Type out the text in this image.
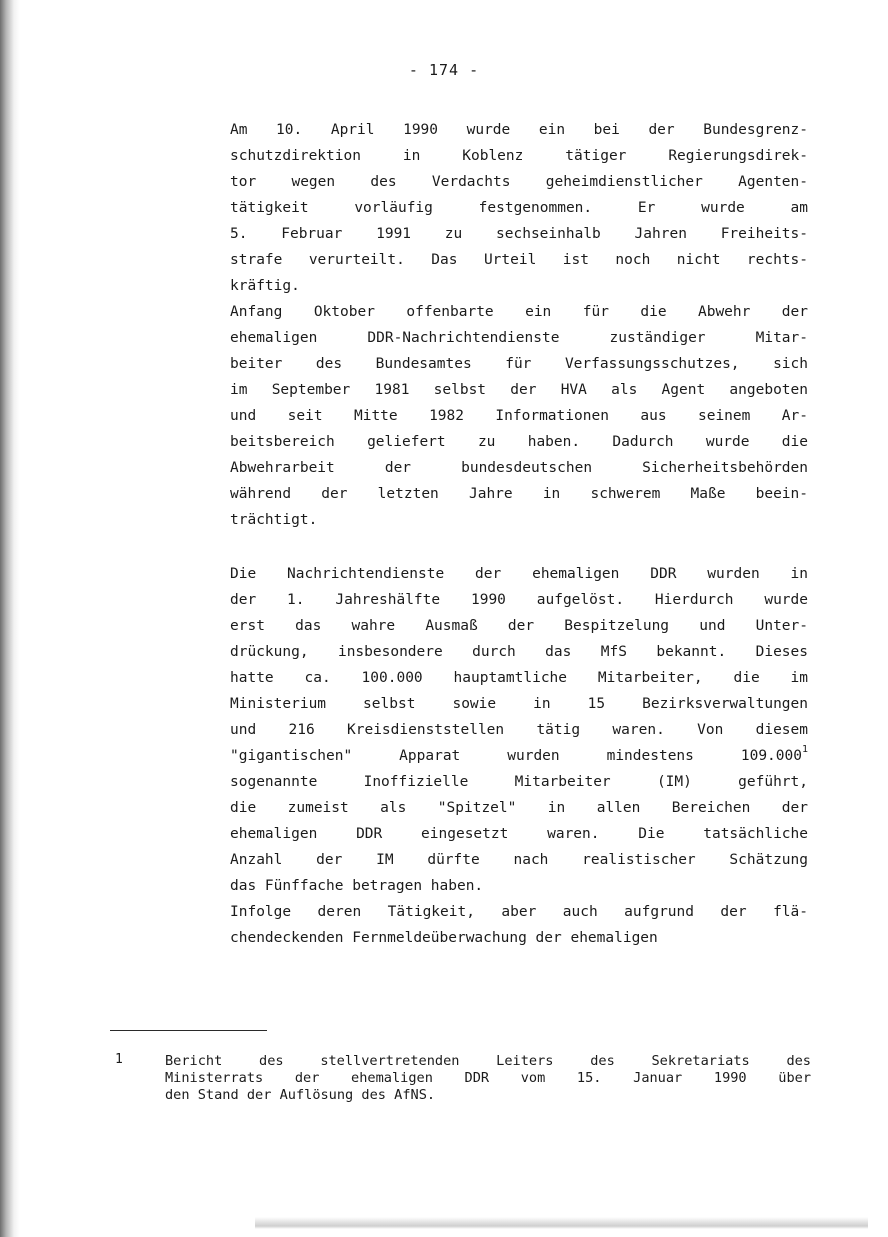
- 174 -
Am 10. April 1990 wurde ein bei der Bundesgrenz-
schutzdirektion in Koblenz tätiger Regierungsdirek-
tor wegen des Verdachts geheimdienstlicher Agenten-
tätigkeit vorläufig festgenommen. Er wurde am
5. Februar 1991 zu sechseinhalb Jahren Freiheits-
strafe verurteilt. Das Urteil ist noch nicht rechts-
kräftig.
Anfang Oktober offenbarte ein für die Abwehr der
ehemaligen DDR-Nachrichtendienste zuständiger Mitar-
beiter des Bundesamtes für Verfassungsschutzes, sich
im September 1981 selbst der HVA als Agent angeboten
und seit Mitte 1982 Informationen aus seinem Ar-
beitsbereich geliefert zu haben. Dadurch wurde die
Abwehrarbeit der bundesdeutschen Sicherheitsbehörden
während der letzten Jahre in schwerem Maße beein-
trächtigt.
Die Nachrichtendienste der ehemaligen DDR wurden in
der 1. Jahreshälfte 1990 aufgelöst. Hierdurch wurde
erst das wahre Ausmaß der Bespitzelung und Unter-
drückung, insbesondere durch das MfS bekannt. Dieses
hatte ca. 100.000 hauptamtliche Mitarbeiter, die im
Ministerium selbst sowie in 15 Bezirksverwaltungen
und 216 Kreisdienststellen tätig waren. Von diesem
"gigantischen" Apparat wurden mindestens 109.000$^1$
sogenannte Inoffizielle Mitarbeiter (IM) geführt,
die zumeist als "Spitzel" in allen Bereichen der
ehemaligen DDR eingesetzt waren. Die tatsächliche
Anzahl der IM dürfte nach realistischer Schätzung
das Fünffache betragen haben.
Infolge deren Tätigkeit, aber auch aufgrund der flä-
chendeckenden Fernmeldeüberwachung der ehemaligen
1	Bericht des stellvertretenden Leiters des Sekretariats des
Ministerrats der ehemaligen DDR vom 15. Januar 1990 über
den Stand der Auflösung des AfNS.
